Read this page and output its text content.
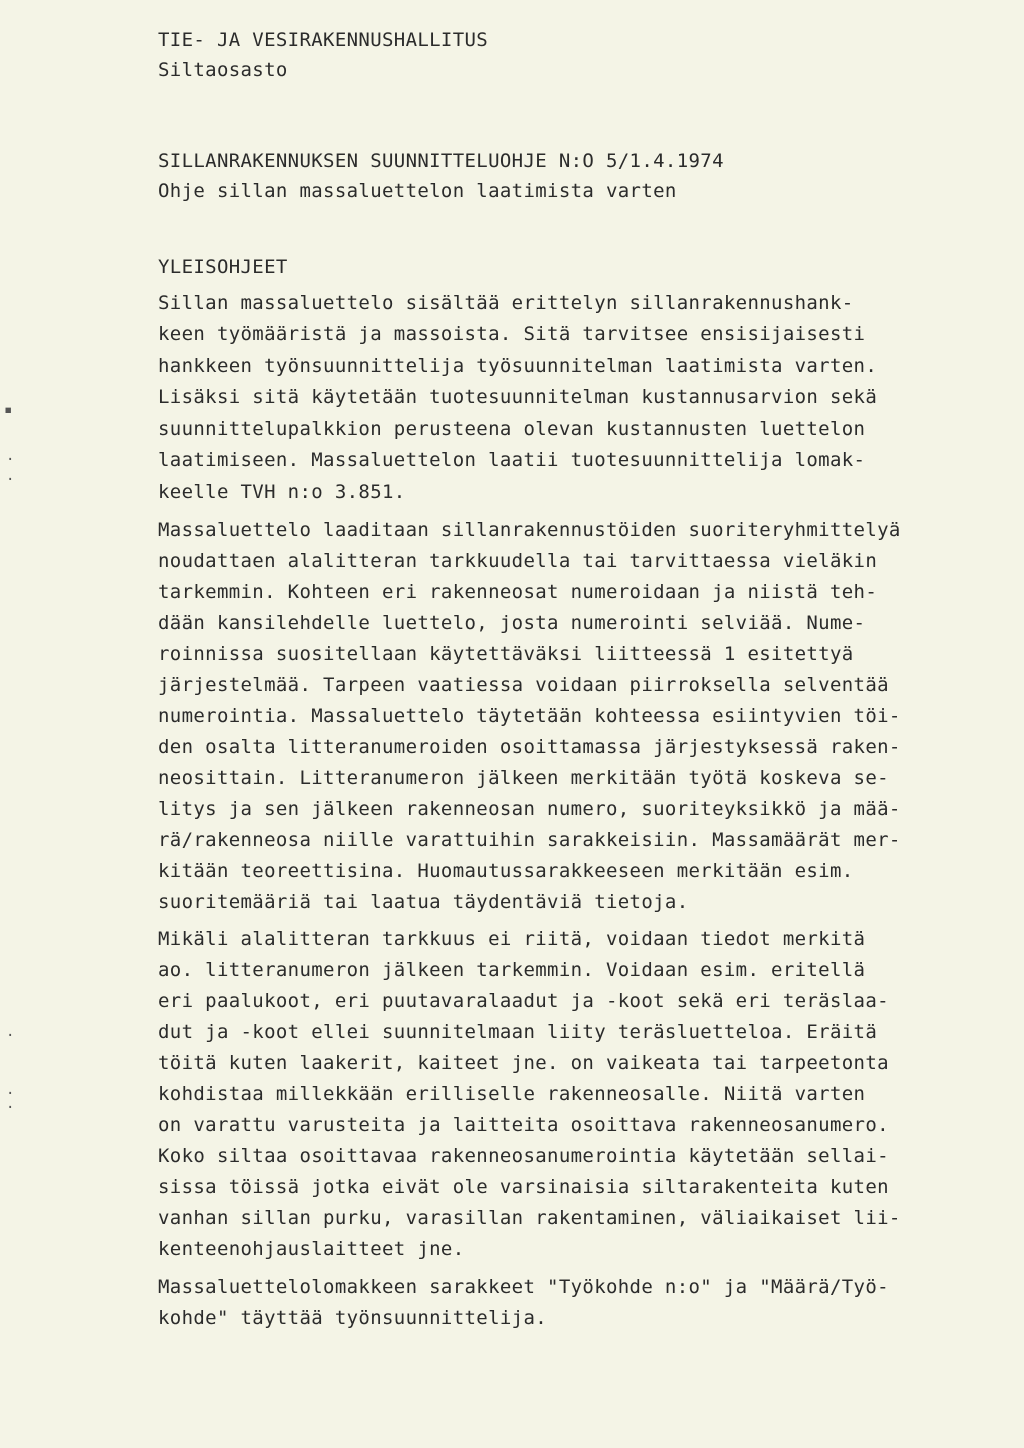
TIE- JA VESIRAKENNUSHALLITUS
Siltaosasto
SILLANRAKENNUKSEN SUUNNITTELUOHJE N:O 5/1.4.1974
Ohje sillan massaluettelon laatimista varten
YLEISOHJEET
Sillan massaluettelo sisältää erittelyn sillanrakennushank-
keen työmääristä ja massoista. Sitä tarvitsee ensisijaisesti
hankkeen työnsuunnittelija työsuunnitelman laatimista varten.
Lisäksi sitä käytetään tuotesuunnitelman kustannusarvion sekä
suunnittelupalkkion perusteena olevan kustannusten luettelon
laatimiseen. Massaluettelon laatii tuotesuunnittelija lomak-
keelle TVH n:o 3.851.
Massaluettelo laaditaan sillanrakennustöiden suoriteryhmittelyä
noudattaen alalitteran tarkkuudella tai tarvittaessa vieläkin
tarkemmin. Kohteen eri rakenneosat numeroidaan ja niistä teh-
dään kansilehdelle luettelo, josta numerointi selviää. Nume-
roinnissa suositellaan käytettäväksi liitteessä 1 esitettyä
järjestelmää. Tarpeen vaatiessa voidaan piirroksella selventää
numerointia. Massaluettelo täytetään kohteessa esiintyvien töi-
den osalta litteranumeroiden osoittamassa järjestyksessä raken-
neosittain. Litteranumeron jälkeen merkitään työtä koskeva se-
litys ja sen jälkeen rakenneosan numero, suoriteyksikkö ja mää-
rä/rakenneosa niille varattuihin sarakkeisiin. Massamäärät mer-
kitään teoreettisina. Huomautussarakkeeseen merkitään esim.
suoritemääriä tai laatua täydentäviä tietoja.
Mikäli alalitteran tarkkuus ei riitä, voidaan tiedot merkitä
ao. litteranumeron jälkeen tarkemmin. Voidaan esim. eritellä
eri paalukoot, eri puutavaralaadut ja -koot sekä eri teräslaa-
dut ja -koot ellei suunnitelmaan liity teräsluetteloa. Eräitä
töitä kuten laakerit, kaiteet jne. on vaikeata tai tarpeetonta
kohdistaa millekkään erilliselle rakenneosalle. Niitä varten
on varattu varusteita ja laitteita osoittava rakenneosanumero.
Koko siltaa osoittavaa rakenneosanumerointia käytetään sellai-
sissa töissä jotka eivät ole varsinaisia siltarakenteita kuten
vanhan sillan purku, varasillan rakentaminen, väliaikaiset lii-
kenteenohjauslaitteet jne.
Massaluettelolomakkeen sarakkeet "Työkohde n:o" ja "Määrä/Työ-
kohde" täyttää työnsuunnittelija.
▪
·
·
·
·
·
